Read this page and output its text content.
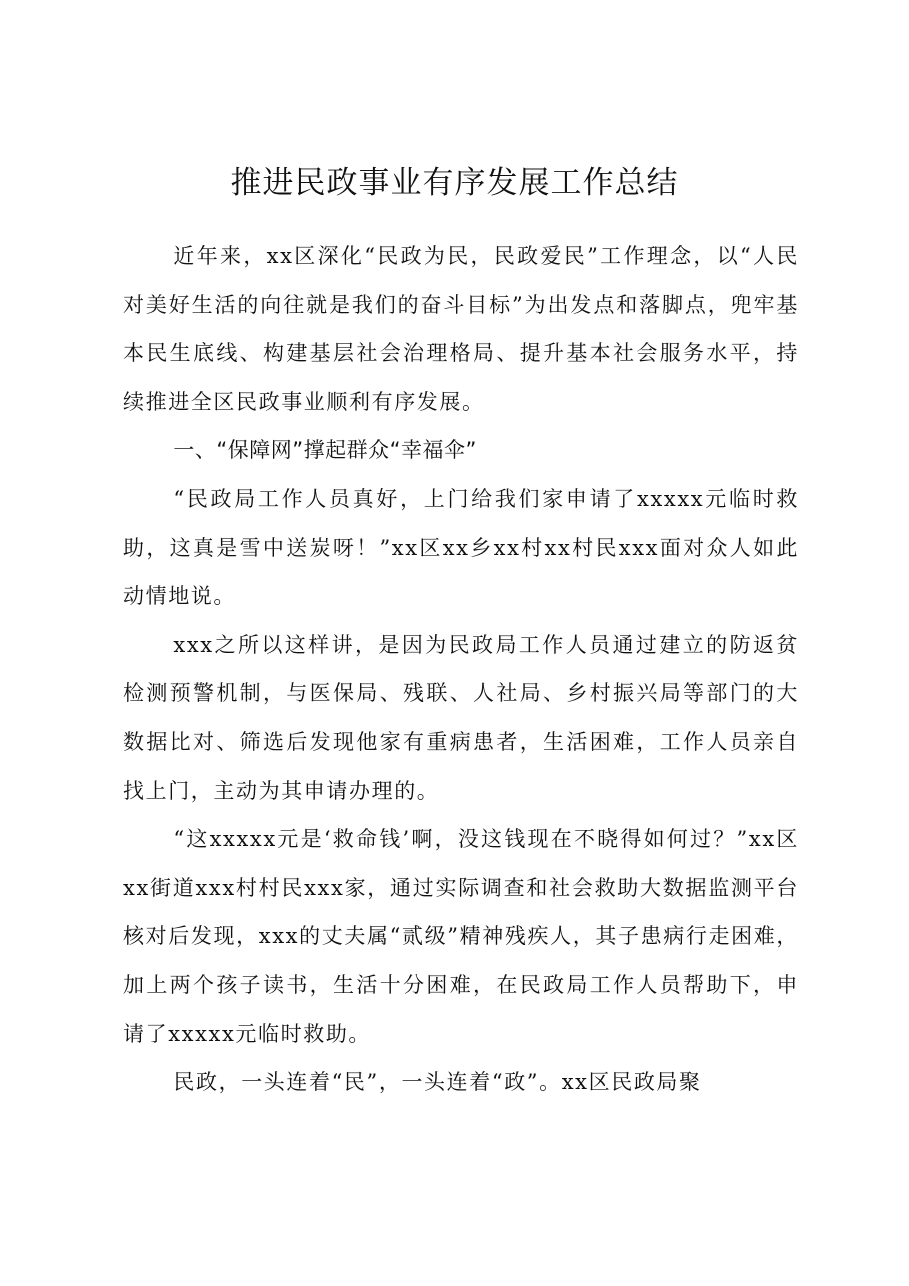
推进民政事业有序发展工作总结

近年来，xx区深化“民政为民，民政爱民”工作理念，以“人民对美好生活的向往就是我们的奋斗目标”为出发点和落脚点，兜牢基本民生底线、构建基层社会治理格局、提升基本社会服务水平，持续推进全区民政事业顺利有序发展。

一、“保障网”撑起群众“幸福伞”

“民政局工作人员真好，上门给我们家申请了xxxxx元临时救助，这真是雪中送炭呀！”xx区xx乡xx村xx村民xxx面对众人如此动情地说。

xxx之所以这样讲，是因为民政局工作人员通过建立的防返贫检测预警机制，与医保局、残联、人社局、乡村振兴局等部门的大数据比对、筛选后发现他家有重病患者，生活困难，工作人员亲自找上门，主动为其申请办理的。

“这xxxxx元是‘救命钱’啊，没这钱现在不晓得如何过？”xx区xx街道xxx村村民xxx家，通过实际调查和社会救助大数据监测平台核对后发现，xxx的丈夫属“贰级”精神残疾人，其子患病行走困难，加上两个孩子读书，生活十分困难，在民政局工作人员帮助下，申请了xxxxx元临时救助。

民政，一头连着“民”，一头连着“政”。xx区民政局聚
